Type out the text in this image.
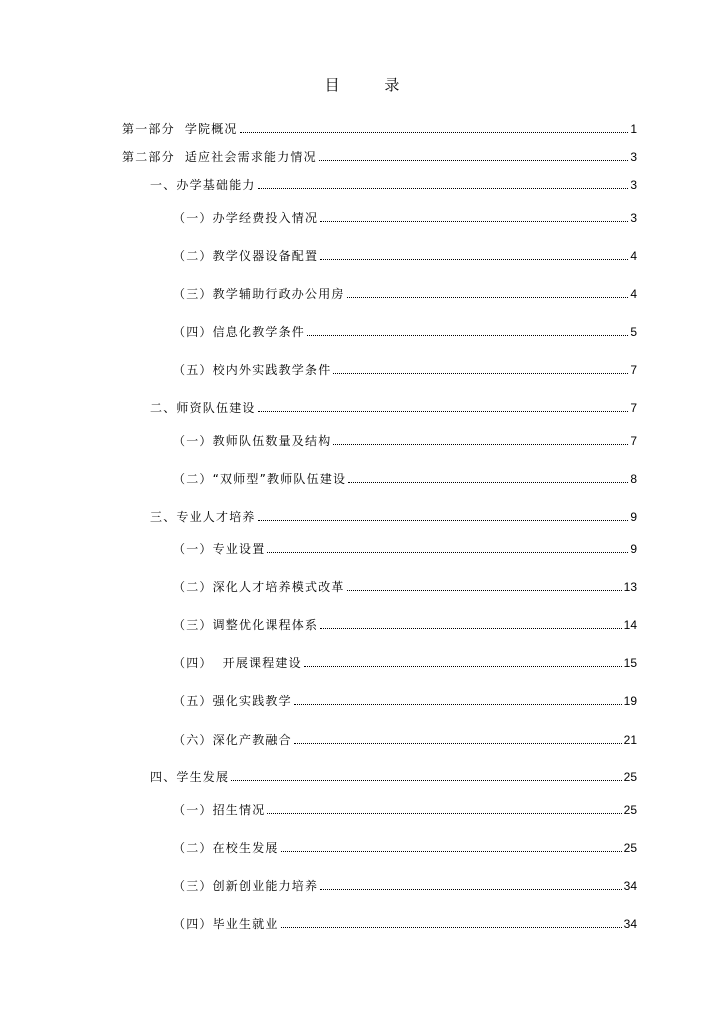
目 录
第一部分  学院概况	1
第二部分  适应社会需求能力情况	3
一、办学基础能力	3
（一）办学经费投入情况	3
（二）教学仪器设备配置	4
（三）教学辅助行政办公用房	4
（四）信息化教学条件	5
（五）校内外实践教学条件	7
二、师资队伍建设	7
（一）教师队伍数量及结构	7
（二）“双师型”教师队伍建设	8
三、专业人才培养	9
（一）专业设置	9
（二）深化人才培养模式改革	13
（三）调整优化课程体系	14
（四）  开展课程建设	15
（五）强化实践教学	19
（六）深化产教融合	21
四、学生发展	25
（一）招生情况	25
（二）在校生发展	25
（三）创新创业能力培养	34
（四）毕业生就业	34
